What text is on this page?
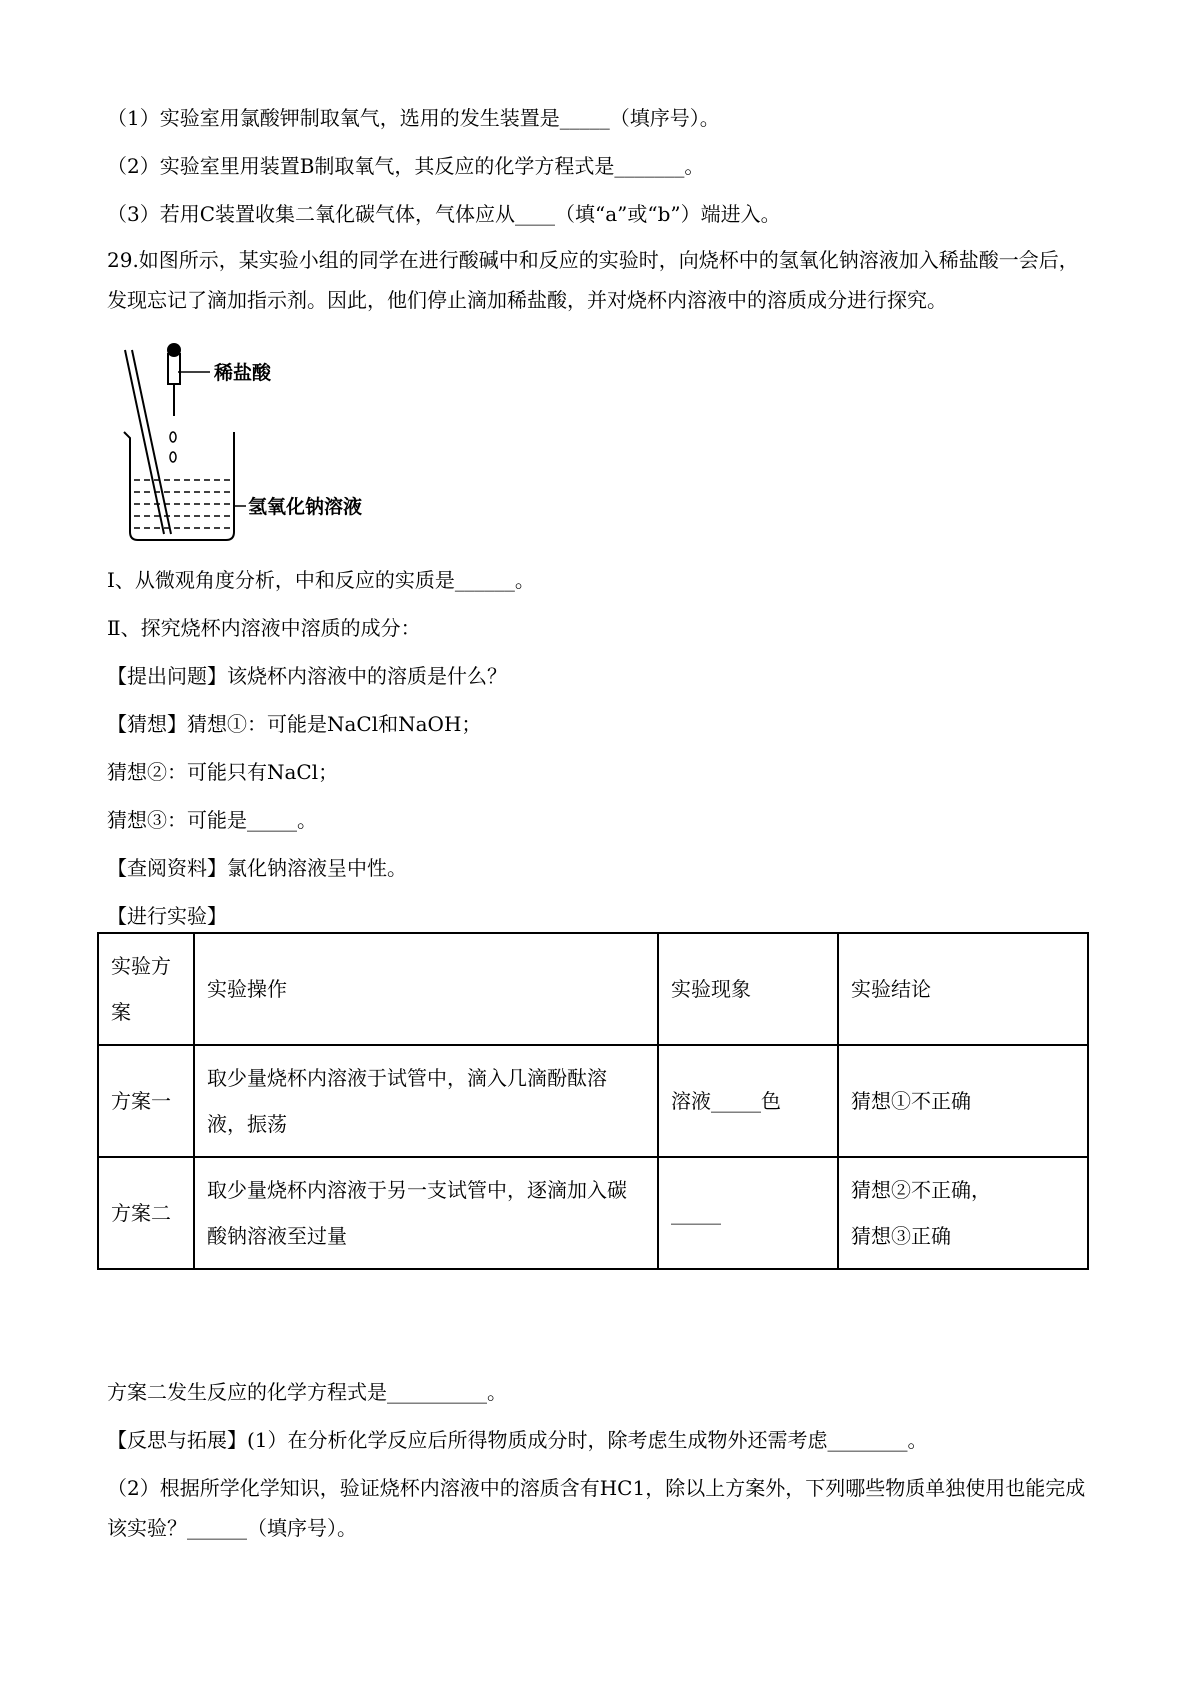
（1）实验室用氯酸钾制取氧气，选用的发生装置是_____（填序号）。
（2）实验室里用装置B制取氧气，其反应的化学方程式是_______。
（3）若用C装置收集二氧化碳气体，气体应从____（填“a”或“b”）端进入。
29.如图所示，某实验小组的同学在进行酸碱中和反应的实验时，向烧杯中的氢氧化钠溶液加入稀盐酸一会后，发现忘记了滴加指示剂。因此，他们停止滴加稀盐酸，并对烧杯内溶液中的溶质成分进行探究。
稀盐酸
氢氧化钠溶液
Ⅰ、从微观角度分析，中和反应的实质是______。
Ⅱ、探究烧杯内溶液中溶质的成分：
【提出问题】该烧杯内溶液中的溶质是什么？
【猜想】猜想①：可能是NaCl和NaOH；
猜想②：可能只有NaCl；
猜想③：可能是_____。
【查阅资料】氯化钠溶液呈中性。
【进行实验】
实验方案	实验操作	实验现象	实验结论
方案一	取少量烧杯内溶液于试管中，滴入几滴酚酞溶液，振荡	溶液_____色	猜想①不正确
方案二	取少量烧杯内溶液于另一支试管中，逐滴加入碳酸钠溶液至过量	_____	猜想②不正确，
猜想③正确
方案二发生反应的化学方程式是__________。
【反思与拓展】(1）在分析化学反应后所得物质成分时，除考虑生成物外还需考虑________。
（2）根据所学化学知识，验证烧杯内溶液中的溶质含有HC1，除以上方案外，下列哪些物质单独使用也能完成该实验？______（填序号）。
